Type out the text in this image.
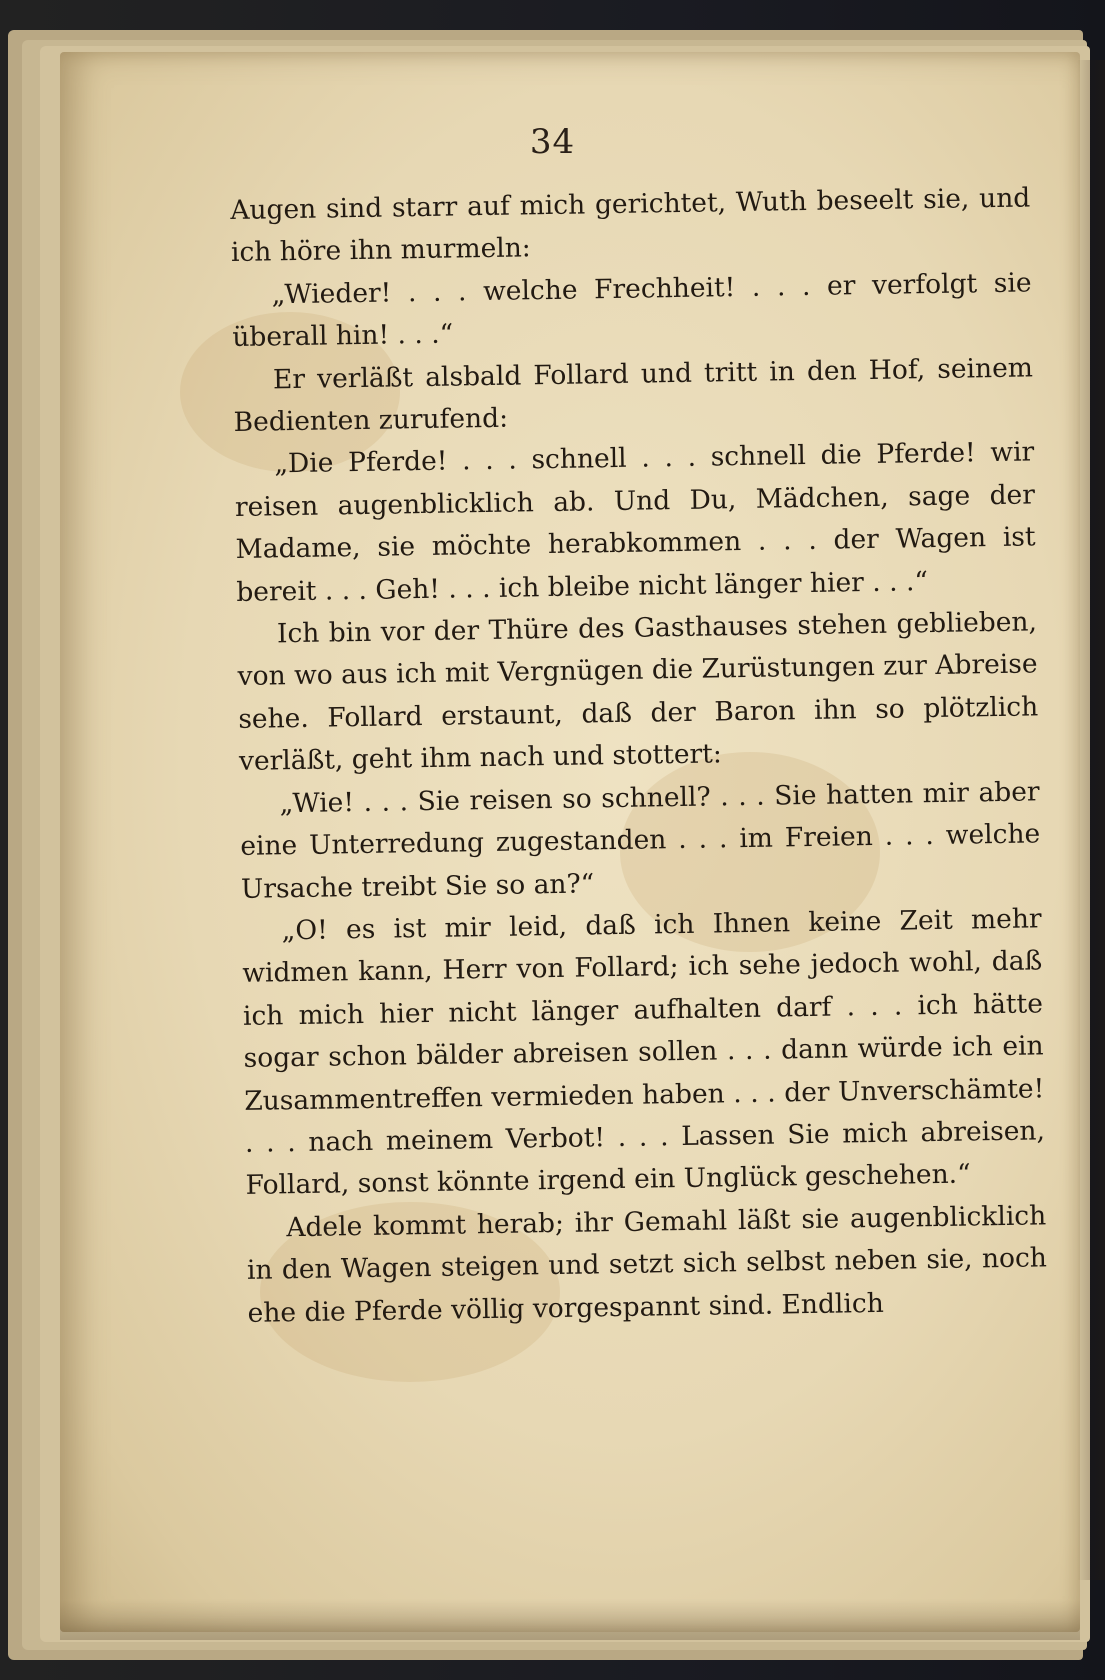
34

Augen sind starr auf mich gerichtet, Wuth beseelt sie, und ich höre ihn murmeln:

„Wieder! . . . welche Frechheit! . . . er verfolgt sie überall hin! . . .“

Er verläßt alsbald Follard und tritt in den Hof, seinem Bedienten zurufend:

„Die Pferde! . . . schnell . . . schnell die Pferde! wir reisen augenblicklich ab. Und Du, Mädchen, sage der Madame, sie möchte herabkommen . . . der Wagen ist bereit . . . Geh! . . . ich bleibe nicht länger hier . . .“

Ich bin vor der Thüre des Gasthauses stehen geblieben, von wo aus ich mit Vergnügen die Zurüstungen zur Abreise sehe. Follard erstaunt, daß der Baron ihn so plötzlich verläßt, geht ihm nach und stottert:

„Wie! . . . Sie reisen so schnell? . . . Sie hatten mir aber eine Unterredung zugestanden . . . im Freien . . . welche Ursache treibt Sie so an?“

„O! es ist mir leid, daß ich Ihnen keine Zeit mehr widmen kann, Herr von Follard; ich sehe jedoch wohl, daß ich mich hier nicht länger aufhalten darf . . . ich hätte sogar schon bälder abreisen sollen . . . dann würde ich ein Zusammentreffen vermieden haben . . . der Unverschämte! . . . nach meinem Verbot! . . . Lassen Sie mich abreisen, Follard, sonst könnte irgend ein Unglück geschehen.“

Adele kommt herab; ihr Gemahl läßt sie augenblicklich in den Wagen steigen und setzt sich selbst neben sie, noch ehe die Pferde völlig vorgespannt sind. Endlich
